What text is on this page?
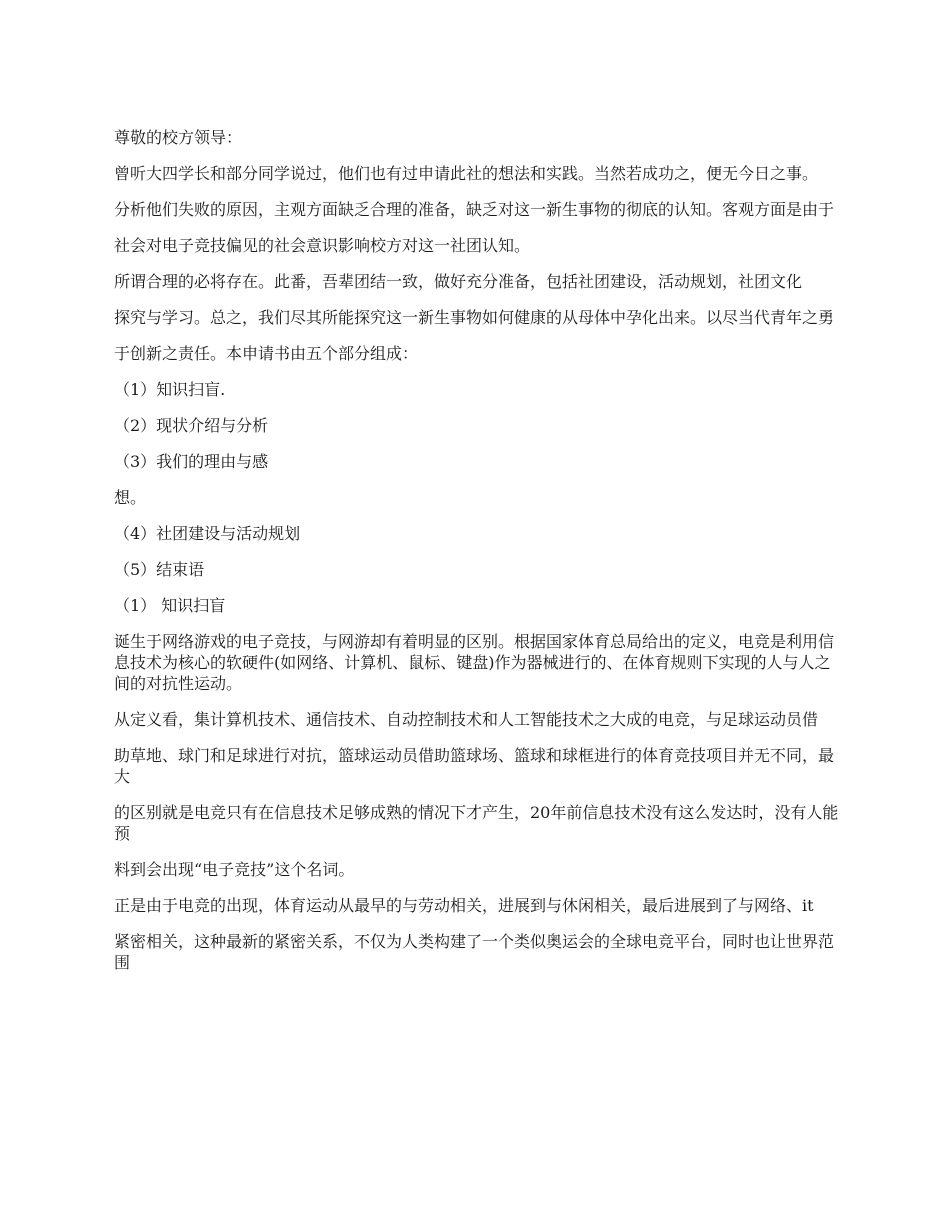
尊敬的校方领导：

曾听大四学长和部分同学说过，他们也有过申请此社的想法和实践。当然若成功之，便无今日之事。

分析他们失败的原因，主观方面缺乏合理的准备，缺乏对这一新生事物的彻底的认知。客观方面是由于

社会对电子竞技偏见的社会意识影响校方对这一社团认知。

所谓合理的必将存在。此番，吾辈团结一致，做好充分准备，包括社团建设，活动规划，社团文化

探究与学习。总之，我们尽其所能探究这一新生事物如何健康的从母体中孕化出来。以尽当代青年之勇

于创新之责任。本申请书由五个部分组成：

（1）知识扫盲.

（2）现状介绍与分析

（3）我们的理由与感

想。

（4）社团建设与活动规划

（5）结束语

（1） 知识扫盲

诞生于网络游戏的电子竞技，与网游却有着明显的区别。根据国家体育总局给出的定义，电竞是利用信息技术为核心的软硬件(如网络、计算机、鼠标、键盘)作为器械进行的、在体育规则下实现的人与人之间的对抗性运动。

从定义看，集计算机技术、通信技术、自动控制技术和人工智能技术之大成的电竞，与足球运动员借

助草地、球门和足球进行对抗，篮球运动员借助篮球场、篮球和球框进行的体育竞技项目并无不同，最大

的区别就是电竞只有在信息技术足够成熟的情况下才产生，20年前信息技术没有这么发达时，没有人能预

料到会出现“电子竞技”这个名词。

正是由于电竞的出现，体育运动从最早的与劳动相关，进展到与休闲相关，最后进展到了与网络、it

紧密相关，这种最新的紧密关系，不仅为人类构建了一个类似奥运会的全球电竞平台，同时也让世界范围
